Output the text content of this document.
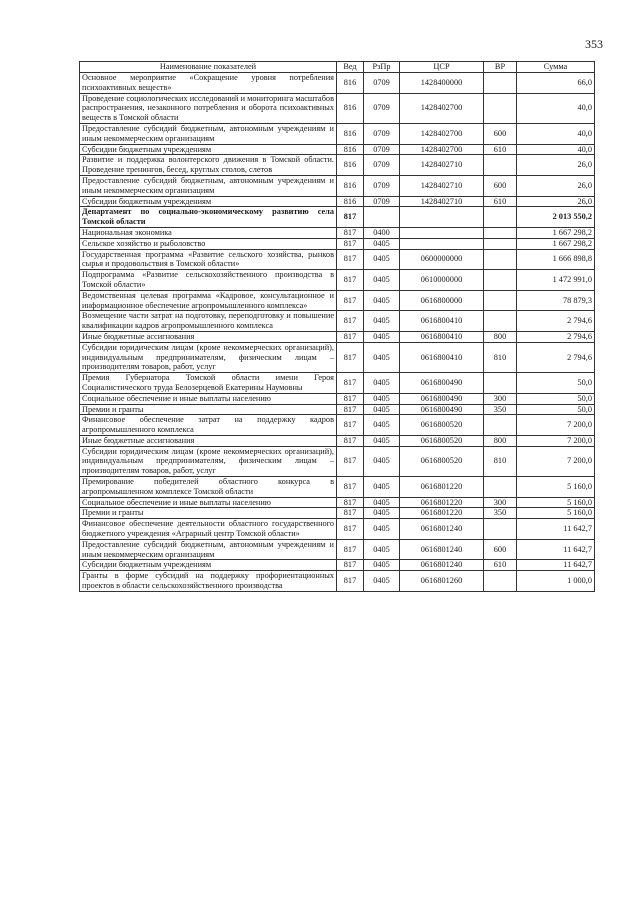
353
Наименование показателей	Вед	РзПр	ЦСР	ВР	Сумма
Основное мероприятие «Сокращение уровня потребления психоактивных веществ»	816	0709	1428400000		66,0
Проведение социологических исследований и мониторинга масштабов распространения, незаконного потребления и оборота психоактивных веществ в Томской области	816	0709	1428402700		40,0
Предоставление субсидий бюджетным, автономным учреждениям и иным некоммерческим организациям	816	0709	1428402700	600	40,0
Субсидии бюджетным учреждениям	816	0709	1428402700	610	40,0
Развитие и поддержка волонтерского движения в Томской области. Проведение тренингов, бесед, круглых столов, слетов	816	0709	1428402710		26,0
Предоставление субсидий бюджетным, автономным учреждениям и иным некоммерческим организациям	816	0709	1428402710	600	26,0
Субсидии бюджетным учреждениям	816	0709	1428402710	610	26,0
Департамент по социально-экономическому развитию села Томской области	817				2 013 550,2
Национальная экономика	817	0400			1 667 298,2
Сельское хозяйство и рыболовство	817	0405			1 667 298,2
Государственная программа «Развитие сельского хозяйства, рынков сырья и продовольствия в Томской области»	817	0405	0600000000		1 666 898,8
Подпрограмма «Развитие сельскохозяйственного производства в Томской области»	817	0405	0610000000		1 472 991,0
Ведомственная целевая программа «Кадровое, консультационное и информационное обеспечение агропромышленного комплекса»	817	0405	0616800000		78 879,3
Возмещение части затрат на подготовку, переподготовку и повышение квалификации кадров агропромышленного комплекса	817	0405	0616800410		2 794,6
Иные бюджетные ассигнования	817	0405	0616800410	800	2 794,6
Субсидии юридическим лицам (кроме некоммерческих организаций), индивидуальным предпринимателям, физическим лицам – производителям товаров, работ, услуг	817	0405	0616800410	810	2 794,6
Премия Губернатора Томской области имени Героя Социалистического труда Белозерцевой Екатерины Наумовны	817	0405	0616800490		50,0
Социальное обеспечение и иные выплаты населению	817	0405	0616800490	300	50,0
Премии и гранты	817	0405	0616800490	350	50,0
Финансовое обеспечение затрат на поддержку кадров агропромышленного комплекса	817	0405	0616800520		7 200,0
Иные бюджетные ассигнования	817	0405	0616800520	800	7 200,0
Субсидии юридическим лицам (кроме некоммерческих организаций), индивидуальным предпринимателям, физическим лицам – производителям товаров, работ, услуг	817	0405	0616800520	810	7 200,0
Премирование победителей областного конкурса в агропромышленном комплексе Томской области	817	0405	0616801220		5 160,0
Социальное обеспечение и иные выплаты населению	817	0405	0616801220	300	5 160,0
Премии и гранты	817	0405	0616801220	350	5 160,0
Финансовое обеспечение деятельности областного государственного бюджетного учреждения «Аграрный центр Томской области»	817	0405	0616801240		11 642,7
Предоставление субсидий бюджетным, автономным учреждениям и иным некоммерческим организациям	817	0405	0616801240	600	11 642,7
Субсидии бюджетным учреждениям	817	0405	0616801240	610	11 642,7
Гранты в форме субсидий на поддержку профориентационных проектов в области сельскохозяйственного производства	817	0405	0616801260		1 000,0
